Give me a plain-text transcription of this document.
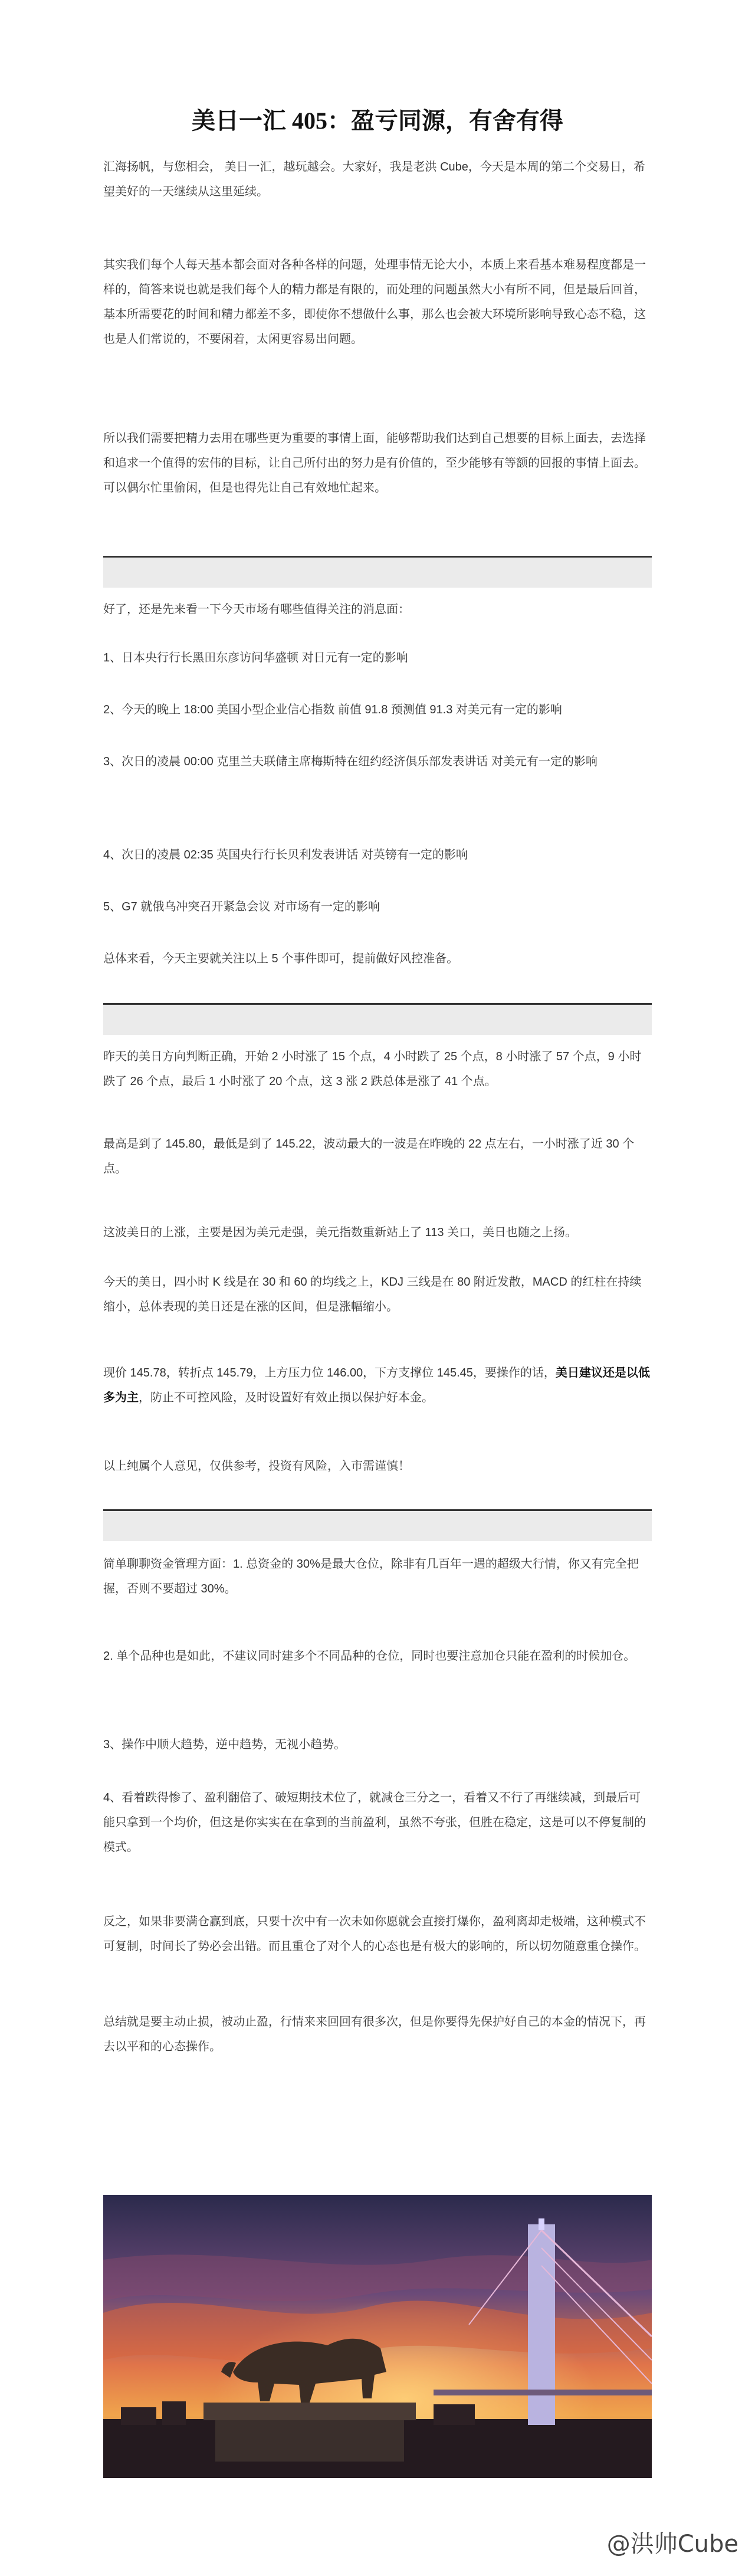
美日一汇 405：盈亏同源，有舍有得

汇海扬帆，与您相会， 美日一汇，越玩越会。大家好，我是老洪 Cube，今天是本周的第二个交易日，希望美好的一天继续从这里延续。

其实我们每个人每天基本都会面对各种各样的问题，处理事情无论大小，本质上来看基本难易程度都是一样的，简答来说也就是我们每个人的精力都是有限的，而处理的问题虽然大小有所不同，但是最后回首，基本所需要花的时间和精力都差不多，即使你不想做什么事，那么也会被大环境所影响导致心态不稳，这也是人们常说的，不要闲着，太闲更容易出问题。

所以我们需要把精力去用在哪些更为重要的事情上面，能够帮助我们达到自己想要的目标上面去，去选择和追求一个值得的宏伟的目标，让自己所付出的努力是有价值的，至少能够有等额的回报的事情上面去。可以偶尔忙里偷闲，但是也得先让自己有效地忙起来。

好了，还是先来看一下今天市场有哪些值得关注的消息面：

1、日本央行行长黑田东彦访问华盛顿 对日元有一定的影响

2、今天的晚上 18:00 美国小型企业信心指数 前值 91.8 预测值 91.3 对美元有一定的影响

3、次日的凌晨 00:00 克里兰夫联储主席梅斯特在纽约经济俱乐部发表讲话 对美元有一定的影响

4、次日的凌晨 02:35 英国央行行长贝利发表讲话 对英镑有一定的影响

5、G7 就俄乌冲突召开紧急会议 对市场有一定的影响

总体来看，今天主要就关注以上 5 个事件即可，提前做好风控准备。

昨天的美日方向判断正确，开始 2 小时涨了 15 个点，4 小时跌了 25 个点，8 小时涨了 57 个点，9 小时跌了 26 个点，最后 1 小时涨了 20 个点，这 3 涨 2 跌总体是涨了 41 个点。

最高是到了 145.80，最低是到了 145.22，波动最大的一波是在昨晚的 22 点左右，一小时涨了近 30 个点。

这波美日的上涨，主要是因为美元走强，美元指数重新站上了 113 关口，美日也随之上扬。

今天的美日，四小时 K 线是在 30 和 60 的均线之上，KDJ 三线是在 80 附近发散，MACD 的红柱在持续缩小，总体表现的美日还是在涨的区间，但是涨幅缩小。

现价 145.78，转折点 145.79，上方压力位 146.00，下方支撑位 145.45，要操作的话，美日建议还是以低多为主，防止不可控风险，及时设置好有效止损以保护好本金。

以上纯属个人意见，仅供参考，投资有风险，入市需谨慎！

简单聊聊资金管理方面：1. 总资金的 30%是最大仓位，除非有几百年一遇的超级大行情，你又有完全把握，否则不要超过 30%。

2. 单个品种也是如此，不建议同时建多个不同品种的仓位，同时也要注意加仓只能在盈利的时候加仓。

3、操作中顺大趋势，逆中趋势，无视小趋势。

4、看着跌得惨了、盈利翻倍了、破短期技术位了，就减仓三分之一，看着又不行了再继续减，到最后可能只拿到一个均价，但这是你实实在在拿到的当前盈利，虽然不夸张，但胜在稳定，这是可以不停复制的模式。

反之，如果非要满仓赢到底，只要十次中有一次未如你愿就会直接打爆你，盈利离却走极端，这种模式不可复制，时间长了势必会出错。而且重仓了对个人的心态也是有极大的影响的，所以切勿随意重仓操作。

总结就是要主动止损，被动止盈，行情来来回回有很多次，但是你要得先保护好自己的本金的情况下，再去以平和的心态操作。

@洪帅Cube
